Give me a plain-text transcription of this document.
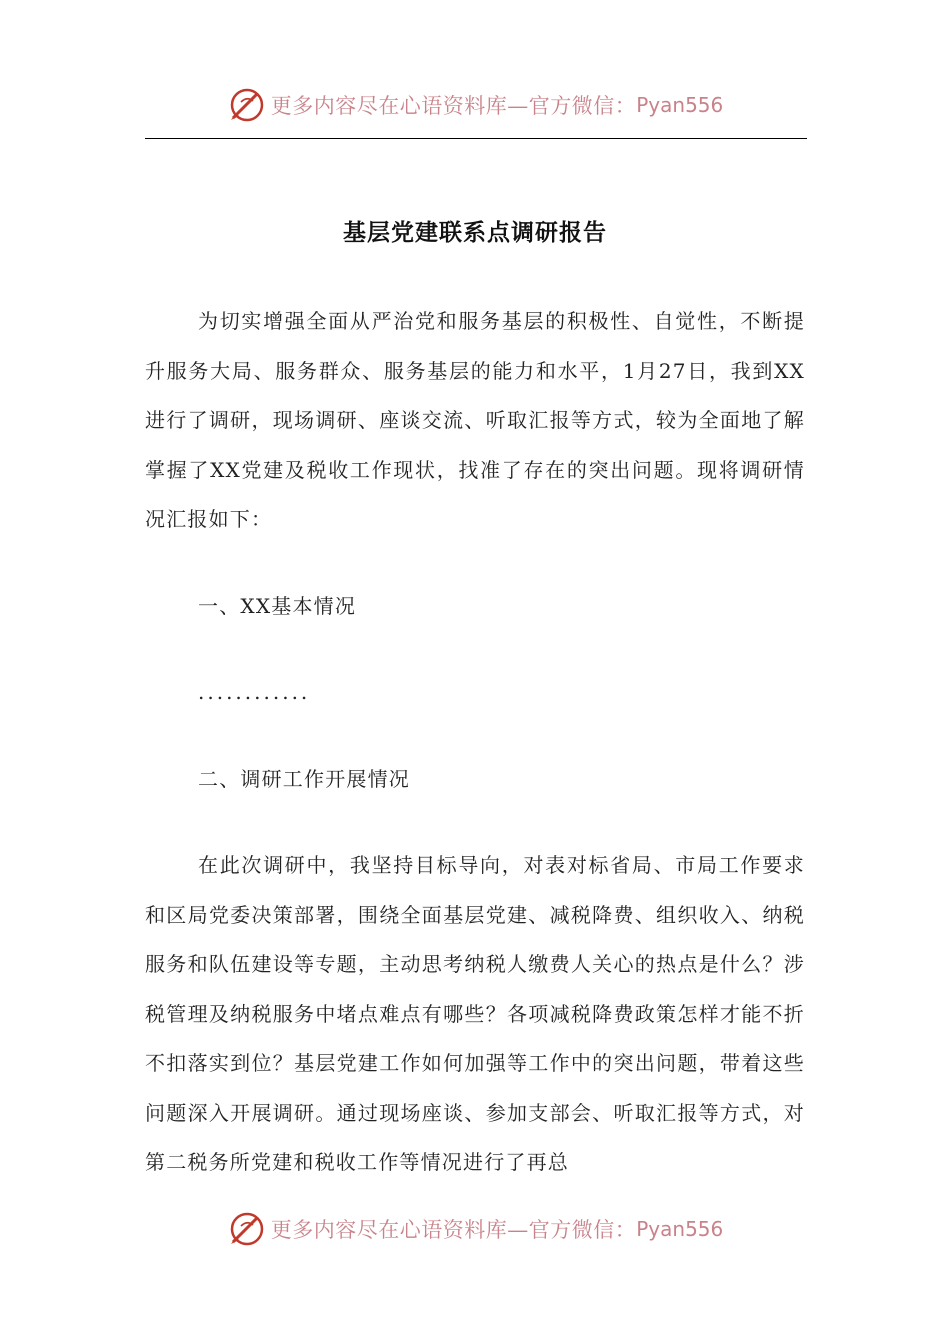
更多内容尽在心语资料库—官方微信： Pyan556
基层党建联系点调研报告

为切实增强全面从严治党和服务基层的积极性、自觉性，不断提升服务大局、服务群众、服务基层的能力和水平，1月27日，我到XX进行了调研，现场调研、座谈交流、听取汇报等方式，较为全面地了解掌握了XX党建及税收工作现状，找准了存在的突出问题。现将调研情况汇报如下：

一、XX基本情况

............

二、调研工作开展情况

在此次调研中，我坚持目标导向，对表对标省局、市局工作要求和区局党委决策部署，围绕全面基层党建、减税降费、组织收入、纳税服务和队伍建设等专题，主动思考纳税人缴费人关心的热点是什么？涉税管理及纳税服务中堵点难点有哪些？各项减税降费政策怎样才能不折不扣落实到位？基层党建工作如何加强等工作中的突出问题，带着这些问题深入开展调研。通过现场座谈、参加支部会、听取汇报等方式，对第二税务所党建和税收工作等情况进行了再总

更多内容尽在心语资料库—官方微信： Pyan556
